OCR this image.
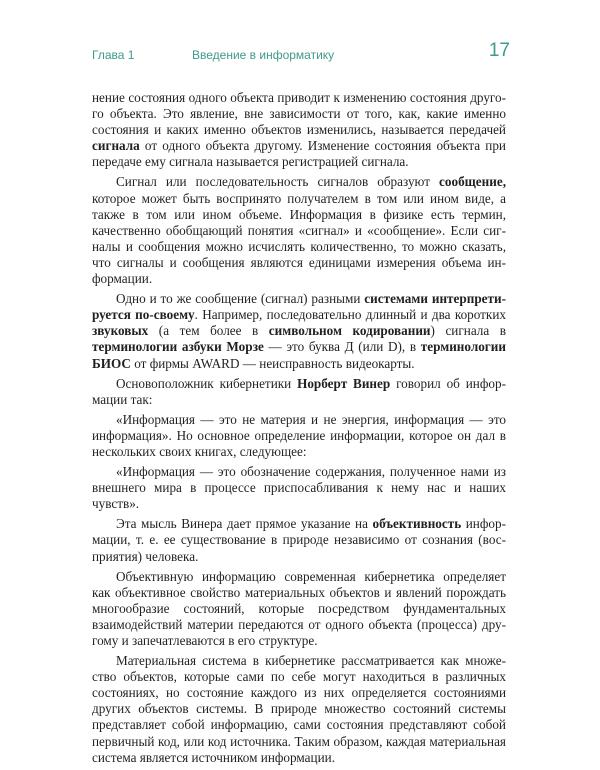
Глава 1	Введение в информатику	17

нение состояния одного объекта приводит к изменению состояния другого объекта. Это явление, вне зависимости от того, как, какие именно состояния и каких именно объектов изменились, называется передачей сигнала от одного объекта другому. Изменение состояния объекта при передаче ему сигнала называется регистрацией сигнала.

Сигнал или последовательность сигналов образуют сообщение, которое может быть воспринято получателем в том или ином виде, а также в том или ином объеме. Информация в физике есть термин, качественно обобщающий понятия «сигнал» и «сообщение». Если сигналы и сообщения можно исчислять количественно, то можно сказать, что сигналы и сообщения являются единицами измерения объема информации.

Одно и то же сообщение (сигнал) разными системами интерпретируется по-своему. Например, последовательно длинный и два коротких звуковых (а тем более в символьном кодировании) сигнала в терминологии азбуки Морзе — это буква Д (или D), в терминологии БИОС от фирмы AWARD — неисправность видеокарты.

Основоположник кибернетики Норберт Винер говорил об информации так:

«Информация — это не материя и не энергия, информация — это информация». Но основное определение информации, которое он дал в нескольких своих книгах, следующее:

«Информация — это обозначение содержания, полученное нами из внешнего мира в процессе приспосабливания к нему нас и наших чувств».

Эта мысль Винера дает прямое указание на объективность информации, т. е. ее существование в природе независимо от сознания (восприятия) человека.

Объективную информацию современная кибернетика определяет как объективное свойство материальных объектов и явлений порождать многообразие состояний, которые посредством фундаментальных взаимодействий материи передаются от одного объекта (процесса) другому и запечатлеваются в его структуре.

Материальная система в кибернетике рассматривается как множество объектов, которые сами по себе могут находиться в различных состояниях, но состояние каждого из них определяется состояниями других объектов системы. В природе множество состояний системы представляет собой информацию, сами состояния представляют собой первичный код, или код источника. Таким образом, каждая материальная система является источником информации.
